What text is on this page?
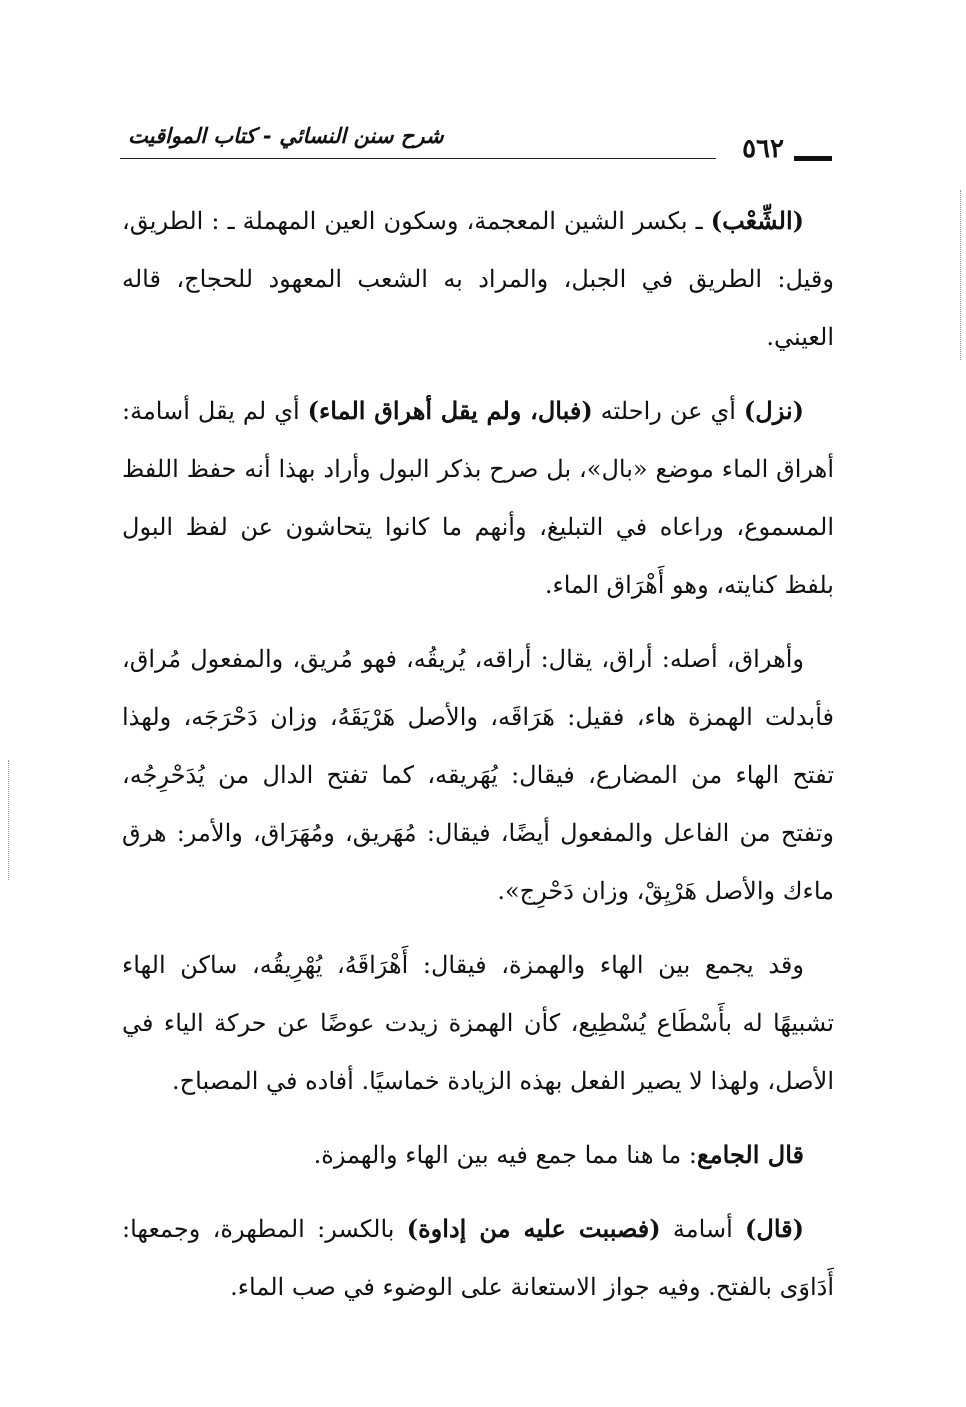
شرح سنن النسائي - كتاب المواقيت	٥٦٢

(الشِّعْب) ـ بكسر الشين المعجمة، وسكون العين المهملة ـ : الطريق، وقيل: الطريق في الجبل، والمراد به الشعب المعهود للحجاج، قاله العيني.

(نزل) أي عن راحلته (فبال، ولم يقل أهراق الماء) أي لم يقل أسامة: أهراق الماء موضع «بال»، بل صرح بذكر البول وأراد بهذا أنه حفظ اللفظ المسموع، وراعاه في التبليغ، وأنهم ما كانوا يتحاشون عن لفظ البول بلفظ كنايته، وهو أَهْرَاق الماء.

وأهراق، أصله: أراق، يقال: أراقه، يُريقُه، فهو مُريق، والمفعول مُراق، فأبدلت الهمزة هاء، فقيل: هَرَاقَه، والأصل هَرْيَقَهُ، وزان دَحْرَجَه، ولهذا تفتح الهاء من المضارع، فيقال: يُهَريقه، كما تفتح الدال من يُدَحْرِجُه، وتفتح من الفاعل والمفعول أيضًا، فيقال: مُهَريق، ومُهَرَاق، والأمر: هرق ماءك والأصل هَرْيِقْ، وزان دَحْرِج».

وقد يجمع بين الهاء والهمزة، فيقال: أَهْرَاقَهُ، يُهْرِيقُه، ساكن الهاء تشبيهًا له بأَسْطَاع يُسْطِيع، كأن الهمزة زيدت عوضًا عن حركة الياء في الأصل، ولهذا لا يصير الفعل بهذه الزيادة خماسيًا. أفاده في المصباح.

قال الجامع: ما هنا مما جمع فيه بين الهاء والهمزة.

(قال) أسامة (فصببت عليه من إداوة) بالكسر: المطهرة، وجمعها: أَدَاوَى بالفتح. وفيه جواز الاستعانة على الوضوء في صب الماء.
